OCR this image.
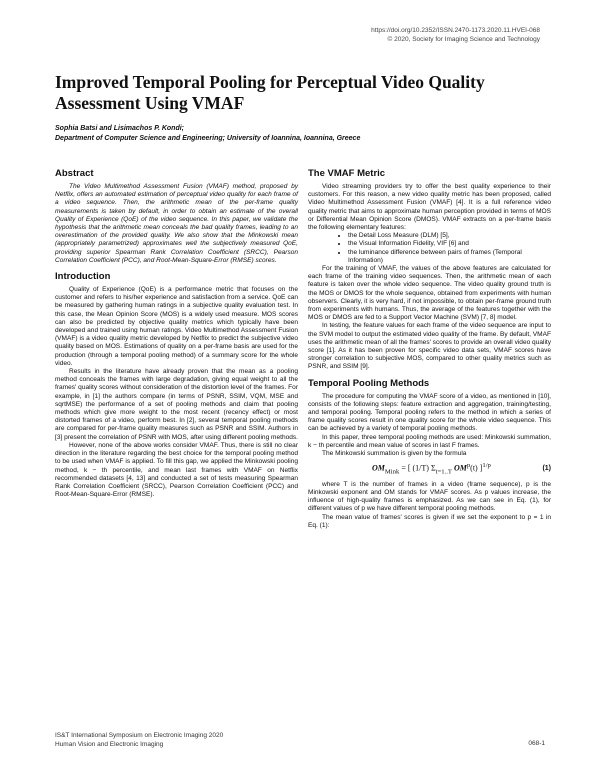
https://doi.org/10.2352/ISSN.2470-1173.2020.11.HVEI-068
© 2020, Society for Imaging Science and Technology
Improved Temporal Pooling for Perceptual Video Quality Assessment Using VMAF
Sophia Batsi and Lisimachos P. Kondi;
Department of Computer Science and Engineering; University of Ioannina, Ioannina, Greece
Abstract

The Video Multimethod Assessment Fusion (VMAF) method, proposed by Netflix, offers an automated estimation of perceptual video quality for each frame of a video sequence. Then, the arithmetic mean of the per-frame quality measurements is taken by default, in order to obtain an estimate of the overall Quality of Experience (QoE) of the video sequence. In this paper, we validate the hypothesis that the arithmetic mean conceals the bad quality frames, leading to an overestimation of the provided quality. We also show that the Minkowski mean (appropriately parametrized) approximates well the subjectively measured QoE, providing superior Spearman Rank Correlation Coefficient (SRCC), Pearson Correlation Coefficient (PCC), and Root-Mean-Square-Error (RMSE) scores.

Introduction

Quality of Experience (QoE) is a performance metric that focuses on the customer and refers to his/her experience and satisfaction from a service. QoE can be measured by gathering human ratings in a subjective quality evaluation test. In this case, the Mean Opinion Score (MOS) is a widely used measure. MOS scores can also be predicted by objective quality metrics which typically have been developed and trained using human ratings. Video Multimethod Assessment Fusion (VMAF) is a video quality metric developed by Netflix to predict the subjective video quality based on MOS. Estimations of quality on a per-frame basis are used for the production (through a temporal pooling method) of a summary score for the whole video.

Results in the literature have already proven that the mean as a pooling method conceals the frames with large degradation, giving equal weight to all the frames' quality scores without consideration of the distortion level of the frames. For example, in [1] the authors compare (in terms of PSNR, SSIM, VQM, MSE and sqrtMSE) the performance of a set of pooling methods and claim that pooling methods which give more weight to the most recent (recency effect) or most distorted frames of a video, perform best. In [2], several temporal pooling methods are compared for per-frame quality measures such as PSNR and SSIM. Authors in [3] present the correlation of PSNR with MOS, after using different pooling methods.

However, none of the above works consider VMAF. Thus, there is still no clear direction in the literature regarding the best choice for the temporal pooling method to be used when VMAF is applied. To fill this gap, we applied the Minkowski pooling method, k − th percentile, and mean last frames with VMAF on Netflix recommended datasets [4, 13] and conducted a set of tests measuring Spearman Rank Correlation Coefficient (SRCC), Pearson Correlation Coefficient (PCC) and Root-Mean-Square-Error (RMSE).

The VMAF Metric

Video streaming providers try to offer the best quality experience to their customers. For this reason, a new video quality metric has been proposed, called Video Multimethod Assessment Fusion (VMAF) [4]. It is a full reference video quality metric that aims to approximate human perception provided in terms of MOS or Differential Mean Opinion Score (DMOS). VMAF extracts on a per-frame basis the following elementary features:

• the Detail Loss Measure (DLM) [5],
• the Visual Information Fidelity, VIF [6] and
• the luminance difference between pairs of frames (Temporal Information)

For the training of VMAF, the values of the above features are calculated for each frame of the training video sequences. Then, the arithmetic mean of each feature is taken over the whole video sequence. The video quality ground truth is the MOS or DMOS for the whole sequence, obtained from experiments with human observers. Clearly, it is very hard, if not impossible, to obtain per-frame ground truth from experiments with humans. Thus, the average of the features together with the MOS or DMOS are fed to a Support Vector Machine (SVM) [7, 8] model.

In testing, the feature values for each frame of the video sequence are input to the SVM model to output the estimated video quality of the frame. By default, VMAF uses the arithmetic mean of all the frames' scores to provide an overall video quality score [1]. As it has been proven for specific video data sets, VMAF scores have stronger correlation to subjective MOS, compared to other quality metrics such as PSNR, and SSIM [9].

Temporal Pooling Methods

The procedure for computing the VMAF score of a video, as mentioned in [10], consists of the following steps: feature extraction and aggregation, training/testing, and temporal pooling. Temporal pooling refers to the method in which a series of frame quality scores result in one quality score for the whole video sequence. This can be achieved by a variety of temporal pooling methods.

In this paper, three temporal pooling methods are used: Minkowski summation, k − th percentile and mean value of scores in last F frames.

The Minkowski summation is given by the formula

$OM_{Mink}$ = [ (1/T) $\Sigma_{t=1..T}$ $OM^p(t)$ ]$^{1/p}$	(1)

where T is the number of frames in a video (frame sequence), p is the Minkowski exponent and OM stands for VMAF scores. As p values increase, the influence of high-quality frames is emphasized. As we can see in Eq. (1), for different values of p we have different temporal pooling methods.

The mean value of frames' scores is given if we set the exponent to p = 1 in Eq. (1):

IS&T International Symposium on Electronic Imaging 2020
Human Vision and Electronic Imaging	068-1
